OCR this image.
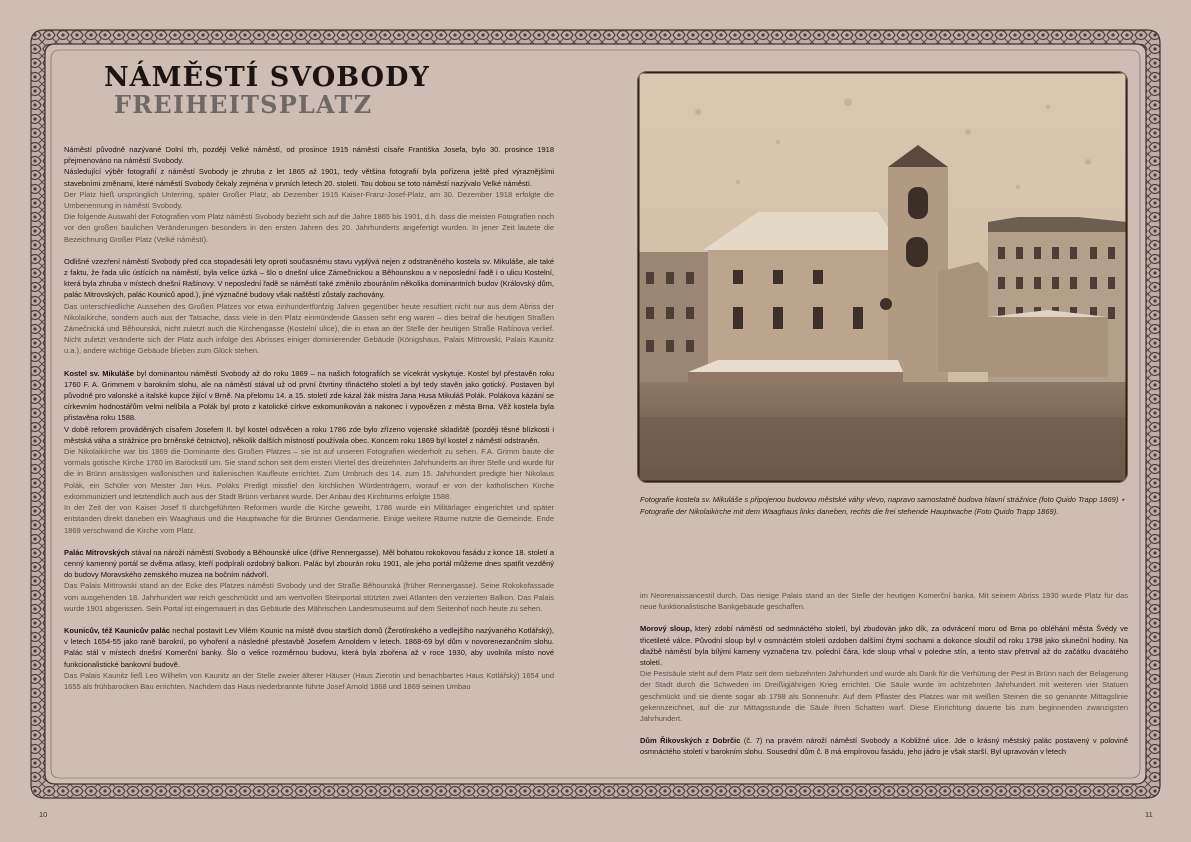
NÁMĚSTÍ SVOBODY
FREIHEITSPLATZ

Náměstí původně nazývané Dolní trh, později Velké náměstí, od prosince 1915 náměstí císaře Františka Josefa, bylo 30. prosince 1918 přejmenováno na náměstí Svobody.

Následující výběr fotografií z náměstí Svobody je zhruba z let 1865 až 1901, tedy většina fotografií byla pořízena ještě před výraznějšími stavebními změnami, které náměstí Svobody čekaly zejména v prvních letech 20. století. Tou dobou se toto náměstí nazývalo Velké náměstí.

Der Platz hieß ursprünglich Unterring, später Großer Platz, ab Dezember 1915 Kaiser-Franz-Josef-Platz, am 30. Dezember 1918 erfolgte die Umbenennung in náměstí Svobody.

Die folgende Auswahl der Fotografien vom Platz náměstí Svobody bezieht sich auf die Jahre 1865 bis 1901, d.h. dass die meisten Fotografien noch vor den großen baulichen Veränderungen besonders in den ersten Jahren des 20. Jahrhunderts angefertigt wurden. In jener Zeit lautete die Bezeichnung Großer Platz (Velké náměstí).

Odlišné vzezření náměstí Svobody před cca stopadesáti lety oproti současnému stavu vyplývá nejen z odstraněného kostela sv. Mikuláše, ale také z faktu, že řada ulic ústících na náměstí, byla velice úzká – šlo o dnešní ulice Zámečnickou a Běhounskou a v neposlední řadě i o ulicu Kostelní, která byla zhruba v místech dnešní Rašínovy. V neposlední řadě se náměstí také změnilo zbouráním několika dominantních budov (Královský dům, palác Mitrovských, palác Kouniců apod.), jiné význačné budovy však naštěstí zůstaly zachovány.

Das unterschiedliche Aussehen des Großen Platzes vor etwa einhundertfünfzig Jahren gegenüber heute resultiert nicht nur aus dem Abriss der Nikolaikirche, sondern auch aus der Tatsache, dass viele in den Platz einmündende Gassen sehr eng waren – dies betraf die heutigen Straßen Zámečnická und Běhounská, nicht zuletzt auch die Kirchengasse (Kostelní ulice), die in etwa an der Stelle der heutigen Straße Rašínova verlief. Nicht zuletzt veränderte sich der Platz auch infolge des Abrisses einiger dominierender Gebäude (Königshaus, Palais Mittrowski, Palais Kaunitz u.a.), andere wichtige Gebäude blieben zum Glück stehen.

Kostel sv. Mikuláše byl dominantou náměstí Svobody až do roku 1869 – na našich fotografiích se vícekrát vyskytuje. Kostel byl přestavěn roku 1760 F. A. Grimmem v barokním slohu, ale na náměstí stával už od první čtvrtiny třináctého století a byl tedy stavěn jako gotický. Postaven byl původně pro valonské a italské kupce žijící v Brně. Na přelomu 14. a 15. století zde kázal žák mistra Jana Husa Mikuláš Polák. Polákova kázání se církevním hodnostářům velmi nelíbila a Polák byl proto z katolické církve exkomunikován a nakonec i vypovězen z města Brna. Věž kostela byla přistavěna roku 1588.

V době reforem prováděných císařem Josefem II. byl kostel odsvěcen a roku 1786 zde bylo zřízeno vojenské skladiště (později těsné blízkosti i městská váha a strážnice pro brněnské četnictvo), několik dalších místností používala obec. Koncem roku 1869 byl kostel z náměstí odstraněn.

Die Nikolaikirche war bis 1869 die Dominante des Großen Platzes – sie ist auf unseren Fotografien wiederholt zu sehen. F.A. Grimm baute die vormals gotische Kirche 1760 im Barockstil um. Sie stand schon seit dem ersten Viertel des dreizehnten Jahrhunderts an ihrer Stelle und wurde für die in Brünn ansässigen wallonischen und italienischen Kaufleute errichtet. Zum Umbruch des 14. zum 15. Jahrhundert predigte hier Nikolaus Polák, ein Schüler von Meister Jan Hus. Poláks Predigt missfiel den kirchlichen Würdenträgern, worauf er von der katholischen Kirche exkommuniziert und letztendlich auch aus der Stadt Brünn verbannt wurde. Der Anbau des Kirchturms erfolgte 1588.

In der Zeit der von Kaiser Josef II durchgeführten Reformen wurde die Kirche geweiht, 1786 wurde ein Militärlager eingerichtet und später entstanden direkt daneben ein Waaghaus und die Hauptwache für die Brünner Gendarmerie. Einige weitere Räume nutzte die Gemeinde. Ende 1869 verschwand die Kirche vom Platz.

Palác Mitrovských stával na nároží náměstí Svobody a Běhounské ulice (dříve Rennergasse). Měl bohatou rokokovou fasádu z konce 18. století a cenný kamenný portál se dvěma atlasy, kteří podpírali ozdobný balkon. Palác byl zbourán roku 1901, ale jeho portál můžeme dnes spatřit vezděný do budovy Moravského zemského muzea na bočním nádvoří.

Das Palais Mittrowski stand an der Ecke des Platzes náměstí Svobody und der Straße Běhounská (früher Rennergasse). Seine Rokokofassade vom ausgehenden 18. Jahrhundert war reich geschmückt und am wertvollen Steinportal stützten zwei Atlanten den verzierten Balkon. Das Palais wurde 1901 abgerissen. Sein Portal ist eingemauert in das Gebäude des Mährischen Landesmuseums auf dem Seitenhof noch heute zu sehen.

Kounicův, též Kaunicův palác nechal postavit Lev Vilém Kounic na místě dvou starších domů (Žerotínského a vedlejšího nazývaného Kotlářský), v letech 1654-55 jako raně barokní, po vyhoření a následné přestavbě Josefem Arnoldem v letech. 1868-69 byl dům v novorenezančním slohu. Palác stál v místech dnešní Komerční banky. Šlo o velice rozměrnou budovu, která byla zbořena až v roce 1930, aby uvolnila místo nové funkcionalistické bankovní budově.

Das Palais Kaunitz ließ Leo Wilhelm von Kaunitz an der Stelle zweier älterer Häuser (Haus Zierotin und benachbartes Haus Kotlářský) 1654 und 1655 als frühbarocken Bau errichten. Nachdem das Haus niederbrannte führte Josef Arnold 1868 und 1869 seinen Umbau

Fotografie kostela sv. Mikuláše s připojenou budovou městské váhy vlevo, napravo samostatně budova hlavní strážnice (foto Quido Trapp 1869) ⋆ Fotografie der Nikolaikirche mit dem Waaghaus links daneben, rechts die frei stehende Hauptwache (Foto Quido Trapp 1869).

im Neorenaissancestil durch. Das riesige Palais stand an der Stelle der heutigen Komerční banka. Mit seinem Abriss 1930 wurde Platz für das neue funktionalistische Bankgebäude geschaffen.

Morový sloup, který zdobí náměstí od sedmnáctého století, byl zbudován jako dík, za odvrácení moru od Brna po obléhání města Švédy ve třicetileté válce. Původní sloup byl v osmnáctém století ozdoben dalšími čtymi sochami a dokonce sloužil od roku 1798 jako sluneční hodiny. Na dlažbě náměstí byla bílými kameny vyznačena tzv. polední čára, kde sloup vrhal v poledne stín, a tento stav přetrval až do začátku dvacátého století.

Die Pestsäule steht auf dem Platz seit dem siebzehnten Jahrhundert und wurde als Dank für die Verhütung der Pest in Brünn nach der Belagerung der Stadt durch die Schweden im Dreißigjährigen Krieg errichtet. Die Säule wurde im achtzehnten Jahrhundert mit weiteren vier Statuen geschmückt und sie diente sogar ab 1798 als Sonnenuhr. Auf dem Pflaster des Platzes war mit weißen Steinen die so genannte Mittagslinie gekennzeichnet, auf die zur Mittagsstunde die Säule ihren Schatten warf. Diese Einrichtung dauerte bis zum beginnenden zwanzigsten Jahrhundert.

Dům Řikovských z Dobrčic (č. 7) na pravém nároží náměstí Svobody a Kobližné ulice. Jde o krásný městský palác postavený v polovině osmnáctého století v barokním slohu. Sousední dům č. 8 má empírovou fasádu, jeho jádro je však starší. Byl upravován v letech

10	11
